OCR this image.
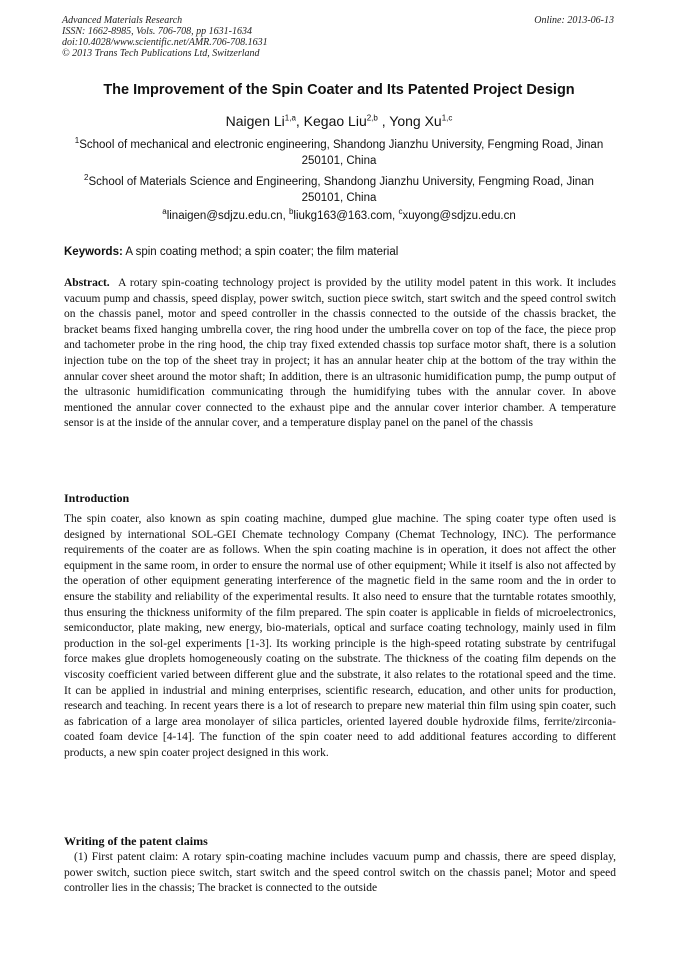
Advanced Materials Research
ISSN: 1662-8985, Vols. 706-708, pp 1631-1634
doi:10.4028/www.scientific.net/AMR.706-708.1631
© 2013 Trans Tech Publications Ltd, Switzerland
Online: 2013-06-13
The Improvement of the Spin Coater and Its Patented Project Design
Naigen Li$^{1,a}$, Kegao Liu$^{2,b}$ , Yong Xu$^{1,c}$
$^1$School of mechanical and electronic engineering, Shandong Jianzhu University, Fengming Road, Jinan 250101, China
$^2$School of Materials Science and Engineering, Shandong Jianzhu University, Fengming Road, Jinan 250101, China
$^a$linaigen@sdjzu.edu.cn, $^b$liukg163@163.com, $^c$xuyong@sdjzu.edu.cn
Keywords: A spin coating method; a spin coater; the film material
Abstract. A rotary spin-coating technology project is provided by the utility model patent in this work. It includes vacuum pump and chassis, speed display, power switch, suction piece switch, start switch and the speed control switch on the chassis panel, motor and speed controller in the chassis connected to the outside of the chassis bracket, the bracket beams fixed hanging umbrella cover, the ring hood under the umbrella cover on top of the face, the piece prop and tachometer probe in the ring hood, the chip tray fixed extended chassis top surface motor shaft, there is a solution injection tube on the top of the sheet tray in project; it has an annular heater chip at the bottom of the tray within the annular cover sheet around the motor shaft; In addition, there is an ultrasonic humidification pump, the pump output of the ultrasonic humidification communicating through the humidifying tubes with the annular cover. In above mentioned the annular cover connected to the exhaust pipe and the annular cover interior chamber. A temperature sensor is at the inside of the annular cover, and a temperature display panel on the panel of the chassis
Introduction
The spin coater, also known as spin coating machine, dumped glue machine. The sping coater type often used is designed by international SOL-GEI Chemate technology Company (Chemat Technology, INC). The performance requirements of the coater are as follows. When the spin coating machine is in operation, it does not affect the other equipment in the same room, in order to ensure the normal use of other equipment; While it itself is also not affected by the operation of other equipment generating interference of the magnetic field in the same room and the in order to ensure the stability and reliability of the experimental results. It also need to ensure that the turntable rotates smoothly, thus ensuring the thickness uniformity of the film prepared. The spin coater is applicable in fields of microelectronics, semiconductor, plate making, new energy, bio-materials, optical and surface coating technology, mainly used in film production in the sol-gel experiments [1-3]. Its working principle is the high-speed rotating substrate by centrifugal force makes glue droplets homogeneously coating on the substrate. The thickness of the coating film depends on the viscosity coefficient varied between different glue and the substrate, it also relates to the rotational speed and the time. It can be applied in industrial and mining enterprises, scientific research, education, and other units for production, research and teaching. In recent years there is a lot of research to prepare new material thin film using spin coater, such as fabrication of a large area monolayer of silica particles, oriented layered double hydroxide films, ferrite/zirconia-coated foam device [4-14]. The function of the spin coater need to add additional features according to different products, a new spin coater project designed in this work.
Writing of the patent claims
(1) First patent claim: A rotary spin-coating machine includes vacuum pump and chassis, there are speed display, power switch, suction piece switch, start switch and the speed control switch on the chassis panel; Motor and speed controller lies in the chassis; The bracket is connected to the outside
